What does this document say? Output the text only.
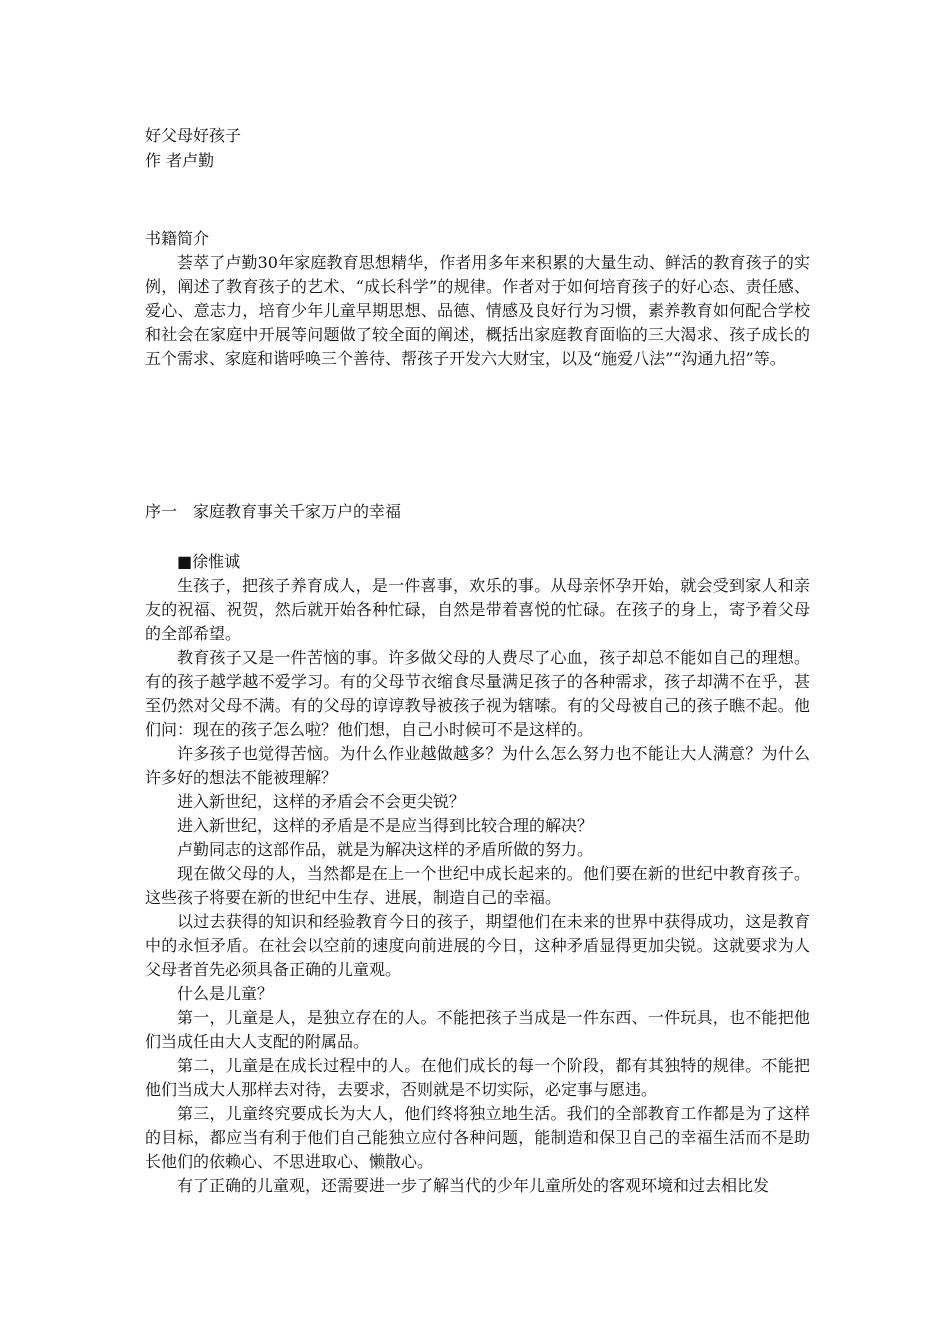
好父母好孩子
作 者卢勤
书籍简介

荟萃了卢勤30年家庭教育思想精华，作者用多年来积累的大量生动、鲜活的教育孩子的实例，阐述了教育孩子的艺术、“成长科学”的规律。作者对于如何培育孩子的好心态、责任感、爱心、意志力，培育少年儿童早期思想、品德、情感及良好行为习惯，素养教育如何配合学校和社会在家庭中开展等问题做了较全面的阐述，概括出家庭教育面临的三大渴求、孩子成长的五个需求、家庭和谐呼唤三个善待、帮孩子开发六大财宝，以及“施爱八法”“沟通九招”等。

序一　家庭教育事关千家万户的幸福

■徐惟诚

生孩子，把孩子养育成人，是一件喜事，欢乐的事。从母亲怀孕开始，就会受到家人和亲友的祝福、祝贺，然后就开始各种忙碌，自然是带着喜悦的忙碌。在孩子的身上，寄予着父母的全部希望。

教育孩子又是一件苦恼的事。许多做父母的人费尽了心血，孩子却总不能如自己的理想。有的孩子越学越不爱学习。有的父母节衣缩食尽量满足孩子的各种需求，孩子却满不在乎，甚至仍然对父母不满。有的父母的谆谆教导被孩子视为辖嗦。有的父母被自己的孩子瞧不起。他们问：现在的孩子怎么啦？他们想，自己小时候可不是这样的。

许多孩子也觉得苦恼。为什么作业越做越多？为什么怎么努力也不能让大人满意？为什么许多好的想法不能被理解？

进入新世纪，这样的矛盾会不会更尖锐？

进入新世纪，这样的矛盾是不是应当得到比较合理的解决？

卢勤同志的这部作品，就是为解决这样的矛盾所做的努力。

现在做父母的人，当然都是在上一个世纪中成长起来的。他们要在新的世纪中教育孩子。这些孩子将要在新的世纪中生存、进展，制造自己的幸福。

以过去获得的知识和经验教育今日的孩子，期望他们在未来的世界中获得成功，这是教育中的永恒矛盾。在社会以空前的速度向前进展的今日，这种矛盾显得更加尖锐。这就要求为人父母者首先必须具备正确的儿童观。

什么是儿童？

第一，儿童是人，是独立存在的人。不能把孩子当成是一件东西、一件玩具，也不能把他们当成任由大人支配的附属品。

第二，儿童是在成长过程中的人。在他们成长的每一个阶段，都有其独特的规律。不能把他们当成大人那样去对待，去要求，否则就是不切实际，必定事与愿违。

第三，儿童终究要成长为大人，他们终将独立地生活。我们的全部教育工作都是为了这样的目标，都应当有利于他们自己能独立应付各种问题，能制造和保卫自己的幸福生活而不是助长他们的依赖心、不思进取心、懒散心。

有了正确的儿童观，还需要进一步了解当代的少年儿童所处的客观环境和过去相比发
